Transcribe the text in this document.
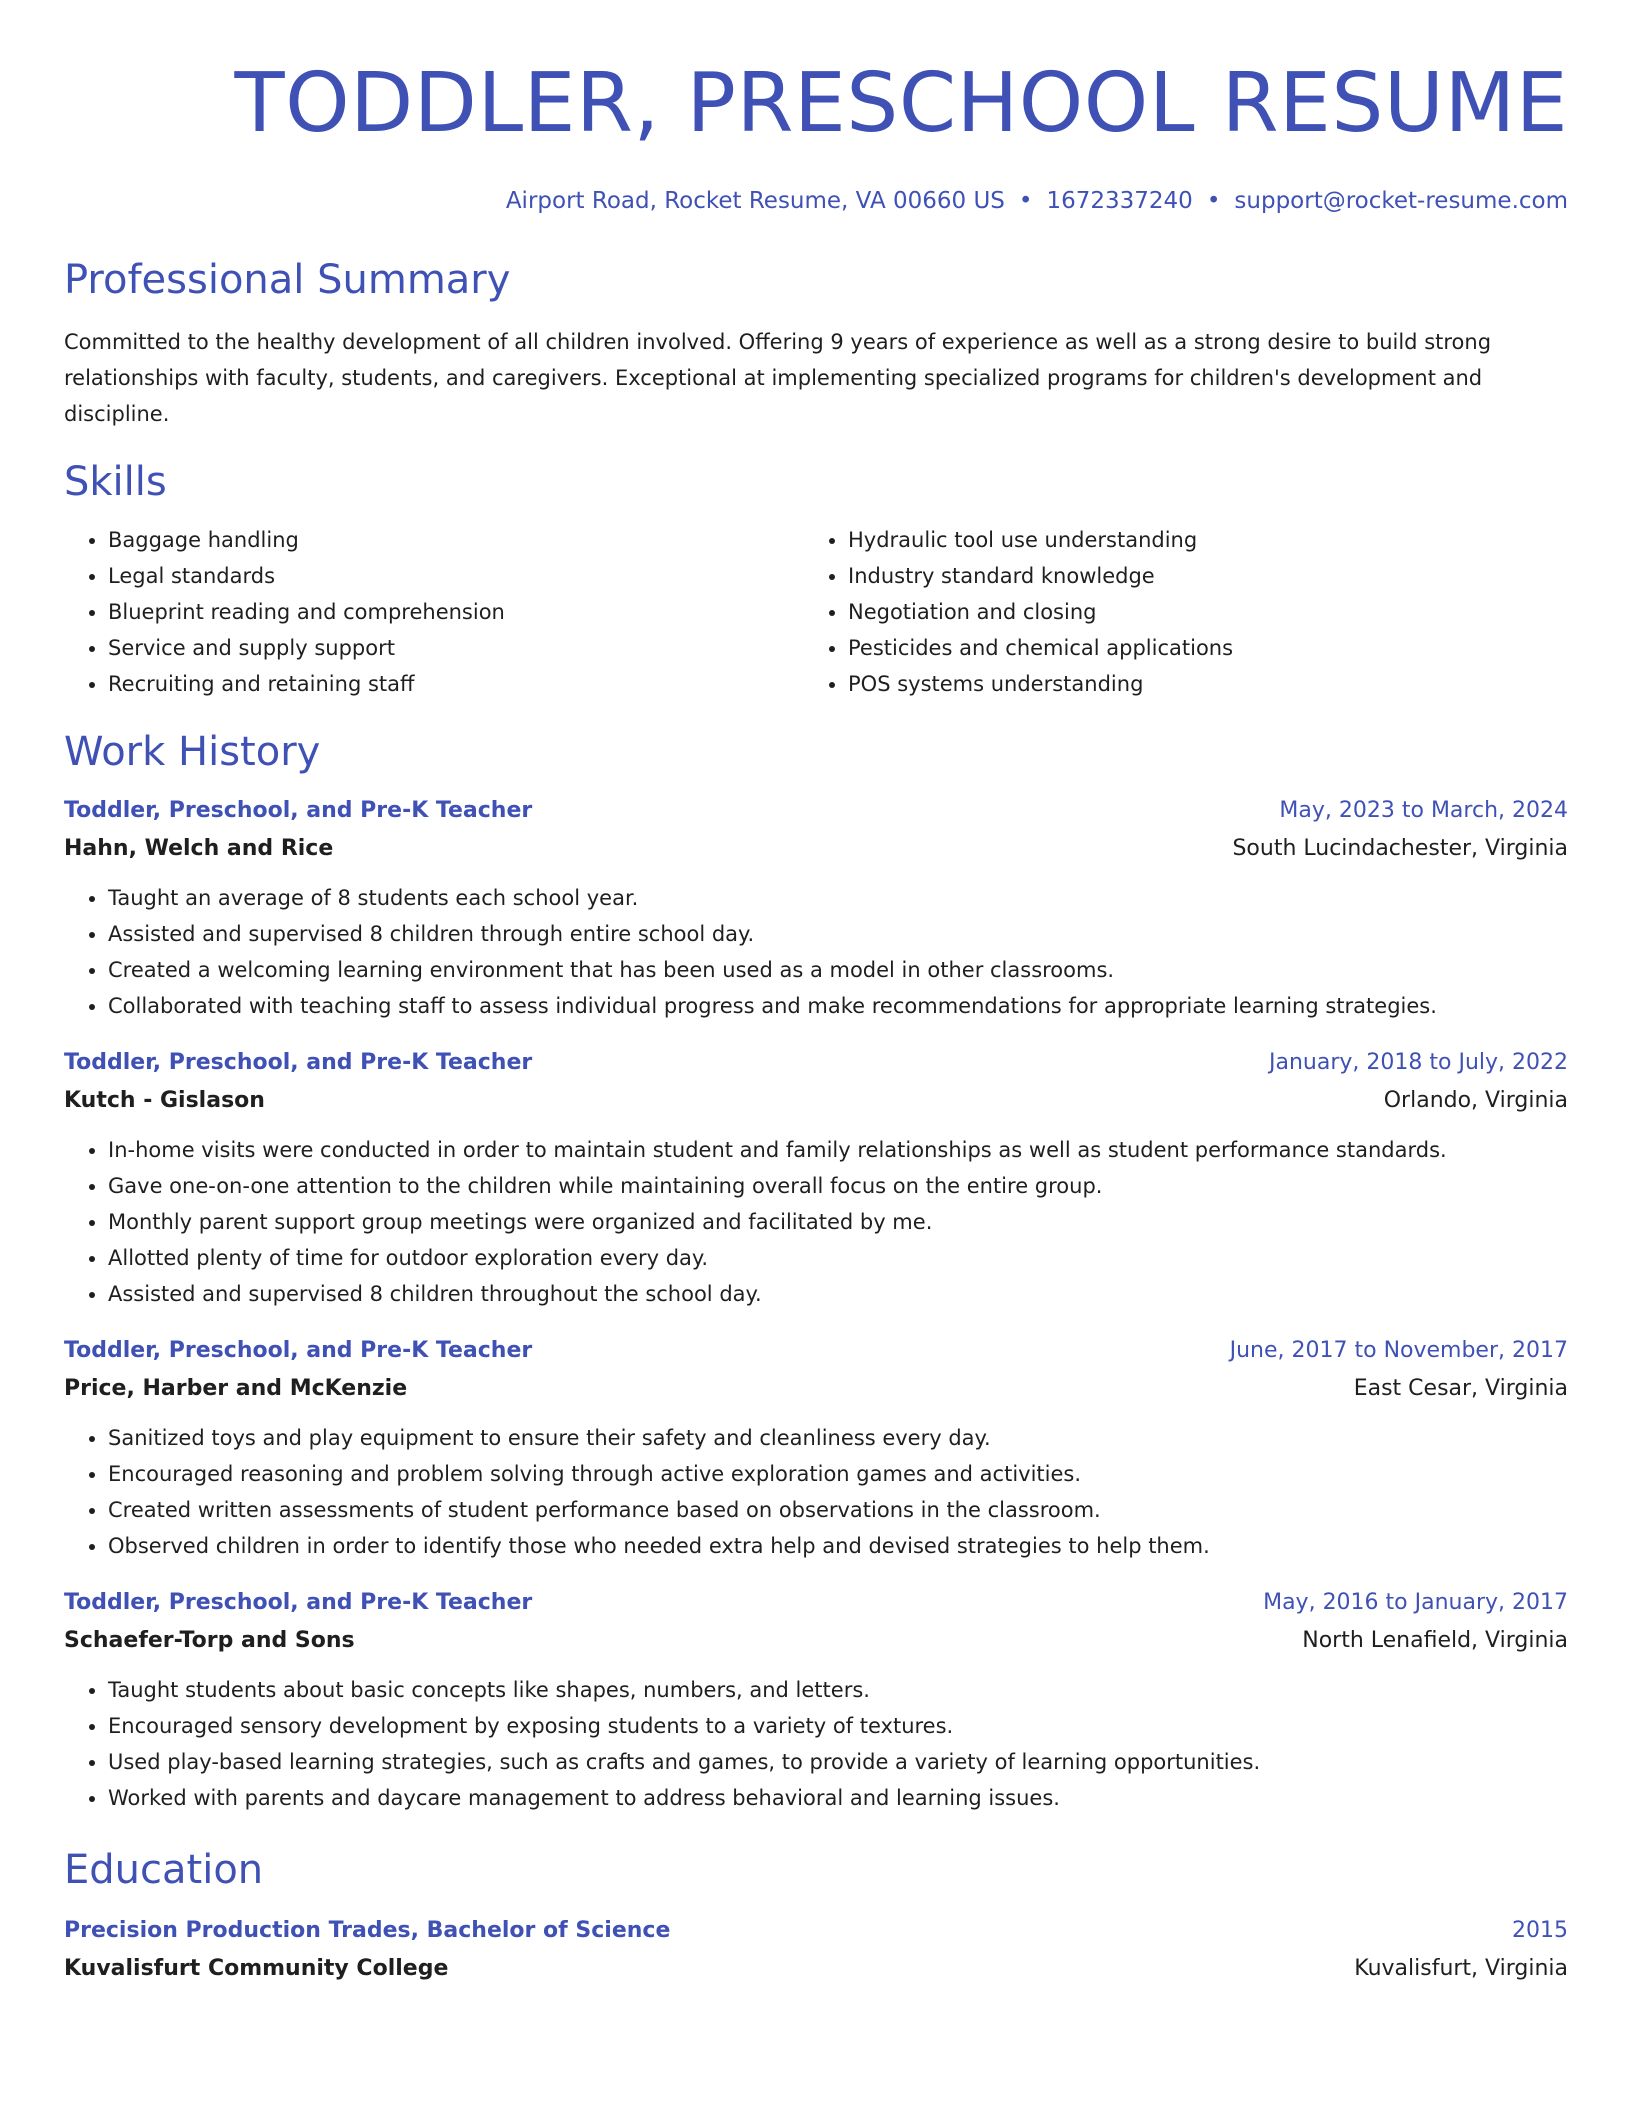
TODDLER, PRESCHOOL RESUME
Airport Road, Rocket Resume, VA 00660 US • 1672337240 • support@rocket-resume.com
Professional Summary
Committed to the healthy development of all children involved. Offering 9 years of experience as well as a strong desire to build strong relationships with faculty, students, and caregivers. Exceptional at implementing specialized programs for children's development and discipline.
Skills
• Baggage handling
• Legal standards
• Blueprint reading and comprehension
• Service and supply support
• Recruiting and retaining staff
• Hydraulic tool use understanding
• Industry standard knowledge
• Negotiation and closing
• Pesticides and chemical applications
• POS systems understanding
Work History
Toddler, Preschool, and Pre-K Teacher	May, 2023 to March, 2024
Hahn, Welch and Rice	South Lucindachester, Virginia
• Taught an average of 8 students each school year.
• Assisted and supervised 8 children through entire school day.
• Created a welcoming learning environment that has been used as a model in other classrooms.
• Collaborated with teaching staff to assess individual progress and make recommendations for appropriate learning strategies.
Toddler, Preschool, and Pre-K Teacher	January, 2018 to July, 2022
Kutch - Gislason	Orlando, Virginia
• In-home visits were conducted in order to maintain student and family relationships as well as student performance standards.
• Gave one-on-one attention to the children while maintaining overall focus on the entire group.
• Monthly parent support group meetings were organized and facilitated by me.
• Allotted plenty of time for outdoor exploration every day.
• Assisted and supervised 8 children throughout the school day.
Toddler, Preschool, and Pre-K Teacher	June, 2017 to November, 2017
Price, Harber and McKenzie	East Cesar, Virginia
• Sanitized toys and play equipment to ensure their safety and cleanliness every day.
• Encouraged reasoning and problem solving through active exploration games and activities.
• Created written assessments of student performance based on observations in the classroom.
• Observed children in order to identify those who needed extra help and devised strategies to help them.
Toddler, Preschool, and Pre-K Teacher	May, 2016 to January, 2017
Schaefer-Torp and Sons	North Lenafield, Virginia
• Taught students about basic concepts like shapes, numbers, and letters.
• Encouraged sensory development by exposing students to a variety of textures.
• Used play-based learning strategies, such as crafts and games, to provide a variety of learning opportunities.
• Worked with parents and daycare management to address behavioral and learning issues.
Education
Precision Production Trades, Bachelor of Science	2015
Kuvalisfurt Community College	Kuvalisfurt, Virginia
